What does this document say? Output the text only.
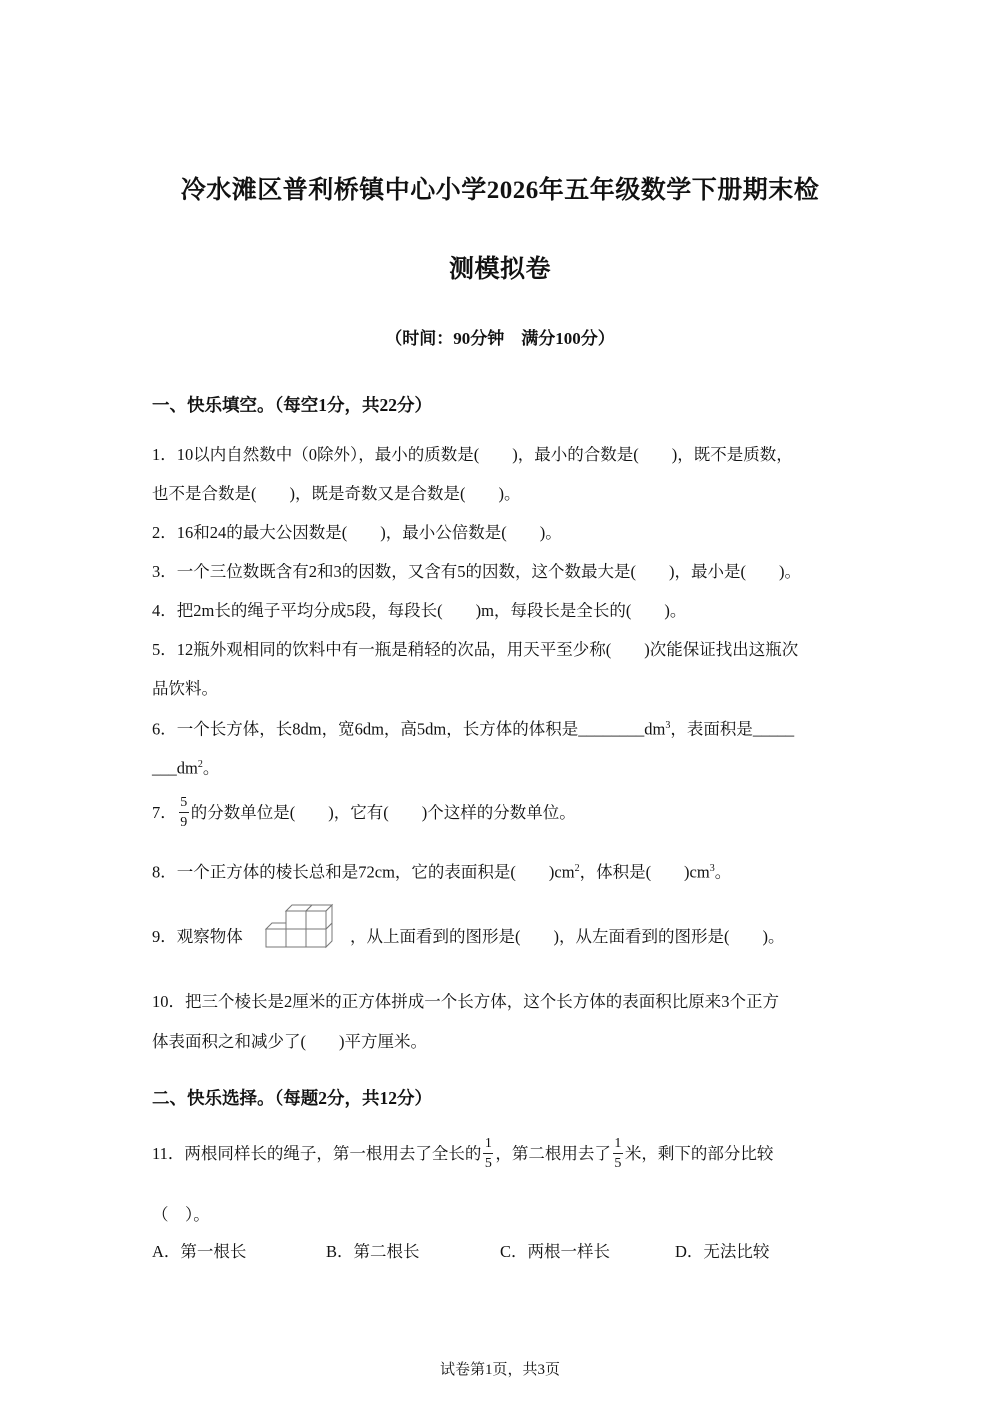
冷水滩区普利桥镇中心小学2026年五年级数学下册期末检
测模拟卷
（时间：90分钟　满分100分）
一、快乐填空。（每空1分，共22分）
1．10以内自然数中（0除外），最小的质数是(　　)，最小的合数是(　　)，既不是质数，
也不是合数是(　　)，既是奇数又是合数是(　　)。
2．16和24的最大公因数是(　　)，最小公倍数是(　　)。
3．一个三位数既含有2和3的因数，又含有5的因数，这个数最大是(　　)，最小是(　　)。
4．把2m长的绳子平均分成5段，每段长(　　)m，每段长是全长的(　　)。
5．12瓶外观相同的饮料中有一瓶是稍轻的次品，用天平至少称(　　)次能保证找出这瓶次
品饮料。
6．一个长方体，长8dm，宽6dm，高5dm，长方体的体积是$\_\_\_\_\_\_\_\_dm^3$，表面积是_____
$\_\_\_dm^2$。
7． $\frac{5}{9}$ 的分数单位是(　　)，它有(　　)个这样的分数单位。
8．一个正方体的棱长总和是72cm，它的表面积是(　　)$cm^2$，体积是(　　)$cm^3$。
9．观察物体	，从上面看到的图形是(　　)，从左面看到的图形是(　　)。
10．把三个棱长是2厘米的正方体拼成一个长方体，这个长方体的表面积比原来3个正方
体表面积之和减少了(　　)平方厘米。
二、快乐选择。（每题2分，共12分）
11．两根同样长的绳子，第一根用去了全长的 $\frac{1}{5}$ ，第二根用去了 $\frac{1}{5}$ 米，剩下的部分比较
（　）。
A．第一根长	B．第二根长	C．两根一样长	D．无法比较
试卷第1页，共3页
